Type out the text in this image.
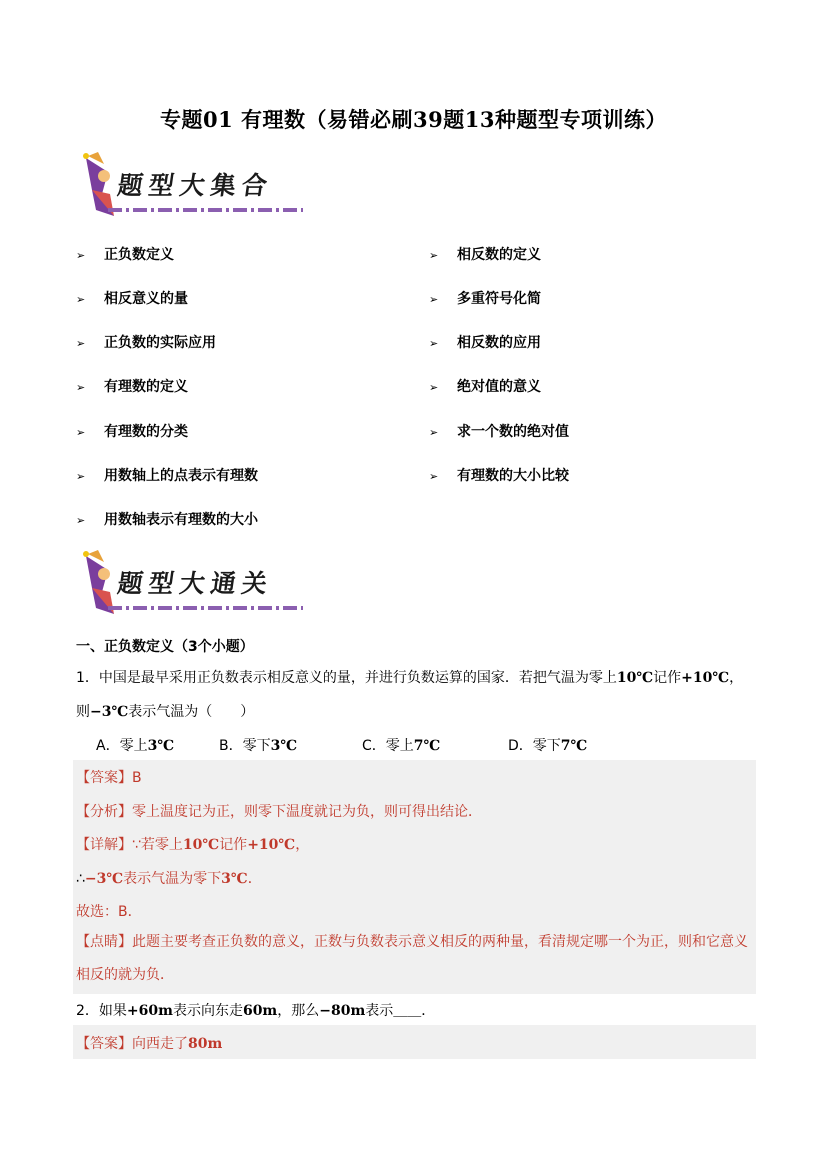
专题01 有理数（易错必刷39题13种题型专项训练）
题型大集合
➢ 正负数定义
➢ 相反意义的量
➢ 正负数的实际应用
➢ 有理数的定义
➢ 有理数的分类
➢ 用数轴上的点表示有理数
➢ 用数轴表示有理数的大小
➢ 相反数的定义
➢ 多重符号化简
➢ 相反数的应用
➢ 绝对值的意义
➢ 求一个数的绝对值
➢ 有理数的大小比较
题型大通关
一、正负数定义（3个小题）
1．中国是最早采用正负数表示相反意义的量，并进行负数运算的国家．若把气温为零上10℃记作+10℃，
则−3℃表示气温为（　　）
A．零上3℃	B．零下3℃	C．零上7℃	D．零下7℃
【答案】B
【分析】零上温度记为正，则零下温度就记为负，则可得出结论．
【详解】∵若零上10℃记作+10℃，
∴−3℃表示气温为零下3℃．
故选：B．
【点睛】此题主要考查正负数的意义，正数与负数表示意义相反的两种量，看清规定哪一个为正，则和它意义相反的就为负．
2．如果+60m表示向东走60m，那么−80m表示＿＿．
【答案】向西走了80m
